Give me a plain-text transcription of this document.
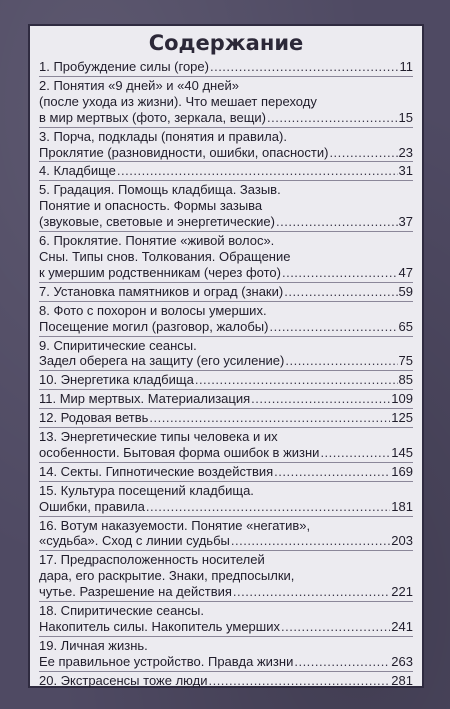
Содержание
1. Пробуждение силы (горе) .....	11
2. Понятия «9 дней» и «40 дней»
(после ухода из жизни). Что мешает переходу
в мир мертвых (фото, зеркала, вещи) .....	15
3. Порча, подклады (понятия и правила).
Проклятие (разновидности, ошибки, опасности) .....	23
4. Кладбище .....	31
5. Градация. Помощь кладбища. Зазыв.
Понятие и опасность. Формы зазыва
(звуковые, световые и энергетические) .....	37
6. Проклятие. Понятие «живой волос».
Сны. Типы снов. Толкования. Обращение
к умершим родственникам (через фото) .....	47
7. Установка памятников и оград (знаки) .....	59
8. Фото с похорон и волосы умерших.
Посещение могил (разговор, жалобы) .....	65
9. Спиритические сеансы.
Задел оберега на защиту (его усиление) .....	75
10. Энергетика кладбища .....	85
11. Мир мертвых. Материализация .....	109
12. Родовая ветвь .....	125
13. Энергетические типы человека и их
особенности. Бытовая форма ошибок в жизни .....	145
14. Секты. Гипнотические воздействия .....	169
15. Культура посещений кладбища.
Ошибки, правила .....	181
16. Вотум наказуемости. Понятие «негатив»,
«судьба». Сход с линии судьбы .....	203
17. Предрасположенность носителей
дара, его раскрытие. Знаки, предпосылки,
чутье. Разрешение на действия .....	221
18. Спиритические сеансы.
Накопитель силы. Накопитель умерших .....	241
19. Личная жизнь.
Ее правильное устройство. Правда жизни .....	263
20. Экстрасенсы тоже люди .....	281
